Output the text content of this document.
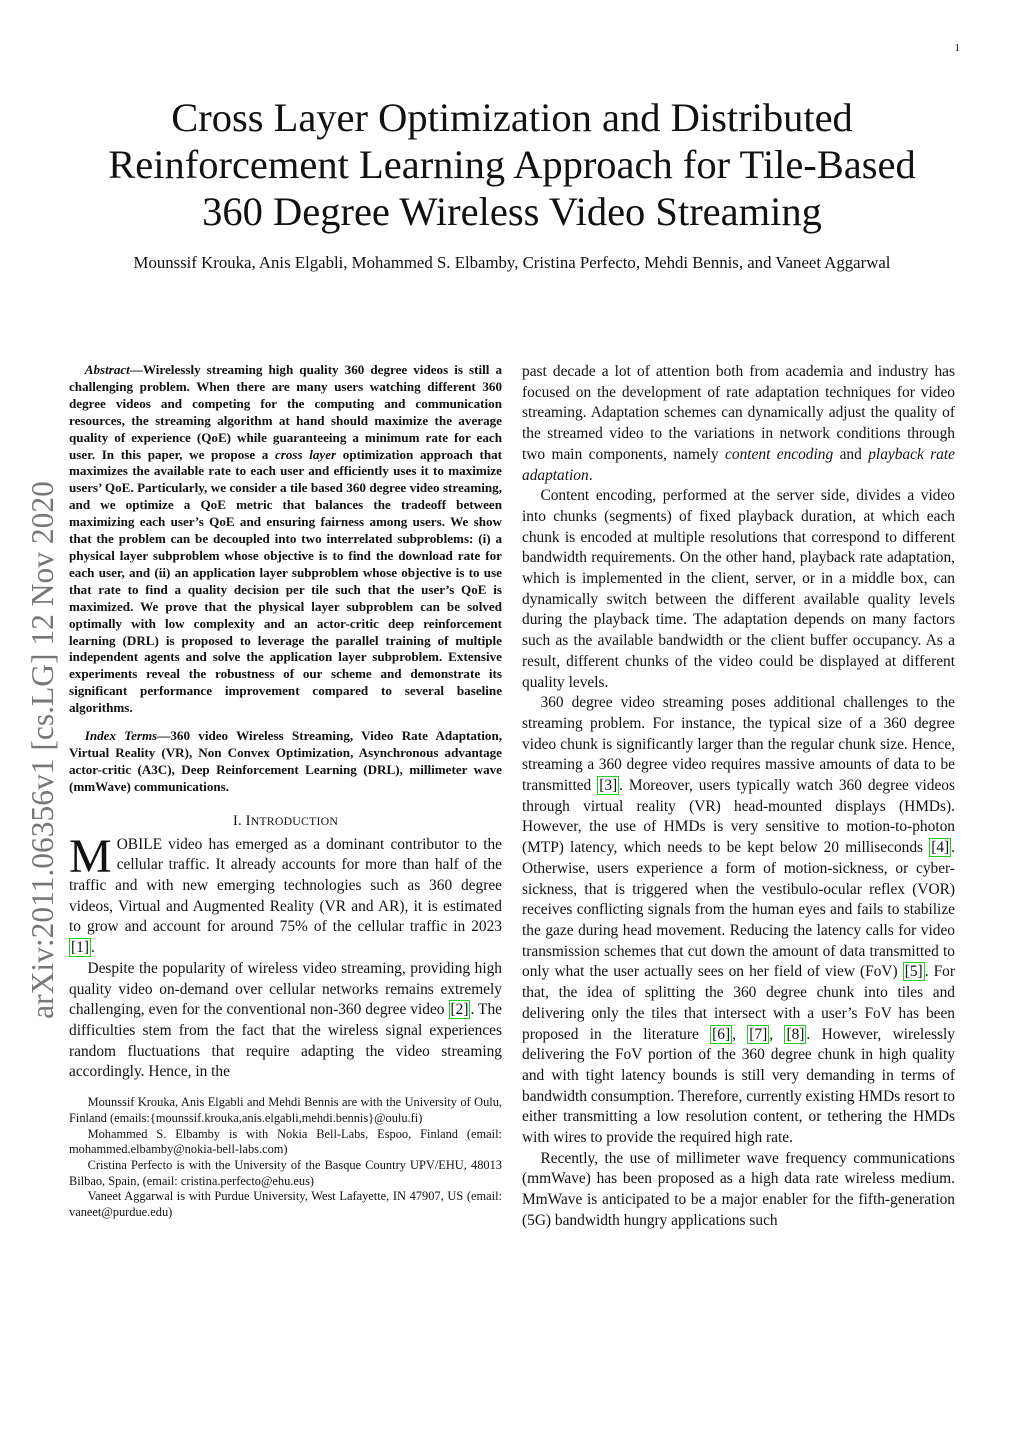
1
Cross Layer Optimization and Distributed
Reinforcement Learning Approach for Tile-Based
360 Degree Wireless Video Streaming
Mounssif Krouka, Anis Elgabli, Mohammed S. Elbamby, Cristina Perfecto, Mehdi Bennis, and Vaneet Aggarwal
arXiv:2011.06356v1 [cs.LG] 12 Nov 2020

Abstract—Wirelessly streaming high quality 360 degree videos is still a challenging problem. When there are many users watching different 360 degree videos and competing for the computing and communication resources, the streaming algorithm at hand should maximize the average quality of experience (QoE) while guaranteeing a minimum rate for each user. In this paper, we propose a cross layer optimization approach that maximizes the available rate to each user and efficiently uses it to maximize users’ QoE. Particularly, we consider a tile based 360 degree video streaming, and we optimize a QoE metric that balances the tradeoff between maximizing each user’s QoE and ensuring fairness among users. We show that the problem can be decoupled into two interrelated subproblems: (i) a physical layer subproblem whose objective is to find the download rate for each user, and (ii) an application layer subproblem whose objective is to use that rate to find a quality decision per tile such that the user’s QoE is maximized. We prove that the physical layer subproblem can be solved optimally with low complexity and an actor-critic deep reinforcement learning (DRL) is proposed to leverage the parallel training of multiple independent agents and solve the application layer subproblem. Extensive experiments reveal the robustness of our scheme and demonstrate its significant performance improvement compared to several baseline algorithms.

Index Terms—360 video Wireless Streaming, Video Rate Adaptation, Virtual Reality (VR), Non Convex Optimization, Asynchronous advantage actor-critic (A3C), Deep Reinforcement Learning (DRL), millimeter wave (mmWave) communications.

I. INTRODUCTION

MOBILE video has emerged as a dominant contributor to the cellular traffic. It already accounts for more than half of the traffic and with new emerging technologies such as 360 degree videos, Virtual and Augmented Reality (VR and AR), it is estimated to grow and account for around 75% of the cellular traffic in 2023 [1] .

Despite the popularity of wireless video streaming, providing high quality video on-demand over cellular networks remains extremely challenging, even for the conventional non-360 degree video [2] . The difficulties stem from the fact that the wireless signal experiences random fluctuations that require adapting the video streaming accordingly. Hence, in the

Mounssif Krouka, Anis Elgabli and Mehdi Bennis are with the University of Oulu, Finland (emails:{mounssif.krouka,anis.elgabli,mehdi.bennis}@oulu.fi)

Mohammed S. Elbamby is with Nokia Bell-Labs, Espoo, Finland (email: mohammed.elbamby@nokia-bell-labs.com)

Cristina Perfecto is with the University of the Basque Country UPV/EHU, 48013 Bilbao, Spain, (email: cristina.perfecto@ehu.eus)

Vaneet Aggarwal is with Purdue University, West Lafayette, IN 47907, US (email: vaneet@purdue.edu)

past decade a lot of attention both from academia and industry has focused on the development of rate adaptation techniques for video streaming. Adaptation schemes can dynamically adjust the quality of the streamed video to the variations in network conditions through two main components, namely content encoding and playback rate adaptation.

Content encoding, performed at the server side, divides a video into chunks (segments) of fixed playback duration, at which each chunk is encoded at multiple resolutions that correspond to different bandwidth requirements. On the other hand, playback rate adaptation, which is implemented in the client, server, or in a middle box, can dynamically switch between the different available quality levels during the playback time. The adaptation depends on many factors such as the available bandwidth or the client buffer occupancy. As a result, different chunks of the video could be displayed at different quality levels.

360 degree video streaming poses additional challenges to the streaming problem. For instance, the typical size of a 360 degree video chunk is significantly larger than the regular chunk size. Hence, streaming a 360 degree video requires massive amounts of data to be transmitted [3] . Moreover, users typically watch 360 degree videos through virtual reality (VR) head-mounted displays (HMDs). However, the use of HMDs is very sensitive to motion-to-photon (MTP) latency, which needs to be kept below 20 milliseconds [4] . Otherwise, users experience a form of motion-sickness, or cyber-sickness, that is triggered when the vestibulo-ocular reflex (VOR) receives conflicting signals from the human eyes and fails to stabilize the gaze during head movement. Reducing the latency calls for video transmission schemes that cut down the amount of data transmitted to only what the user actually sees on her field of view (FoV) [5] . For that, the idea of splitting the 360 degree chunk into tiles and delivering only the tiles that intersect with a user’s FoV has been proposed in the literature [6] , [7] , [8] . However, wirelessly delivering the FoV portion of the 360 degree chunk in high quality and with tight latency bounds is still very demanding in terms of bandwidth consumption. Therefore, currently existing HMDs resort to either transmitting a low resolution content, or tethering the HMDs with wires to provide the required high rate.

Recently, the use of millimeter wave frequency communications (mmWave) has been proposed as a high data rate wireless medium. MmWave is anticipated to be a major enabler for the fifth-generation (5G) bandwidth hungry applications such
